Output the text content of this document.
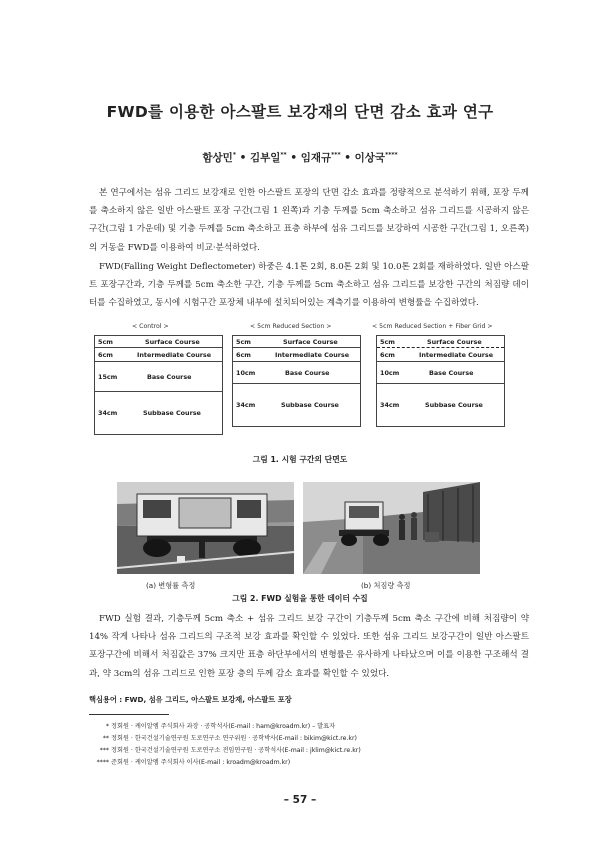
FWD를 이용한 아스팔트 보강재의 단면 감소 효과 연구
함상민* • 김부일** • 임재규*** • 이상국****
본 연구에서는 섬유 그리드 보강재로 인한 아스팔트 포장의 단면 감소 효과를 정량적으로 분석하기 위해, 포장 두께를 축소하지 않은 일반 아스팔트 포장 구간(그림 1 왼쪽)과 기층 두께를 5cm 축소하고 섬유 그리드를 시공하지 않은 구간(그림 1 가운데) 및 기층 두께를 5cm 축소하고 표층 하부에 섬유 그리드를 보강하여 시공한 구간(그림 1, 오른쪽)의 거동을 FWD를 이용하여 비교·분석하였다.
FWD(Falling Weight Deflectometer) 하중은 4.1톤 2회, 8.0톤 2회 및 10.0톤 2회를 재하하였다. 일반 아스팔트 포장구간과, 기층 두께를 5cm 축소한 구간, 기층 두께를 5cm 축소하고 섬유 그리드를 보강한 구간의 처짐량 데이터를 수집하였고, 동시에 시험구간 포장체 내부에 설치되어있는 계측기를 이용하여 변형률을 수집하였다.
< Control >	< 5cm Reduced Section >	< 5cm Reduced Section + Fiber Grid >
5cm	Surface Course
6cm	Intermediate Course
15cm	Base Course
34cm	Subbase Course
5cm	Surface Course
6cm	Intermediate Course
10cm	Base Course
34cm	Subbase Course
5cm	Surface Course
6cm	Intermediate Course
10cm	Base Course
34cm	Subbase Course
그림 1. 시험 구간의 단면도
(a) 변형률 측정	(b) 처짐량 측정
그림 2. FWD 실험을 통한 데이터 수집
FWD 실험 결과, 기층두께 5cm 축소 + 섬유 그리드 보강 구간이 기층두께 5cm 축소 구간에 비해 처짐량이 약 14% 작게 나타나 섬유 그리드의 구조적 보강 효과를 확인할 수 있었다. 또한 섬유 그리드 보강구간이 일반 아스팔트 포장구간에 비해서 처짐값은 37% 크지만 표층 하단부에서의 변형률은 유사하게 나타났으며 이를 이용한 구조해석 결과, 약 3cm의 섬유 그리드로 인한 포장 층의 두께 감소 효과를 확인할 수 있었다.
핵심용어 : FWD, 섬유 그리드, 아스팔트 보강재, 아스팔트 포장
* 정회원 · 케이알엠 주식회사 과장 · 공학석사(E-mail : ham@kroadm.kr) – 발표자
** 정회원 · 한국건설기술연구원 도로연구소 연구위원 · 공학박사(E-mail : bikim@kict.re.kr)
*** 정회원 · 한국건설기술연구원 도로연구소 전임연구원 · 공학석사(E-mail : jklim@kict.re.kr)
**** 준회원 · 케이알엠 주식회사 이사(E-mail : kroadm@kroadm.kr)
– 57 –
